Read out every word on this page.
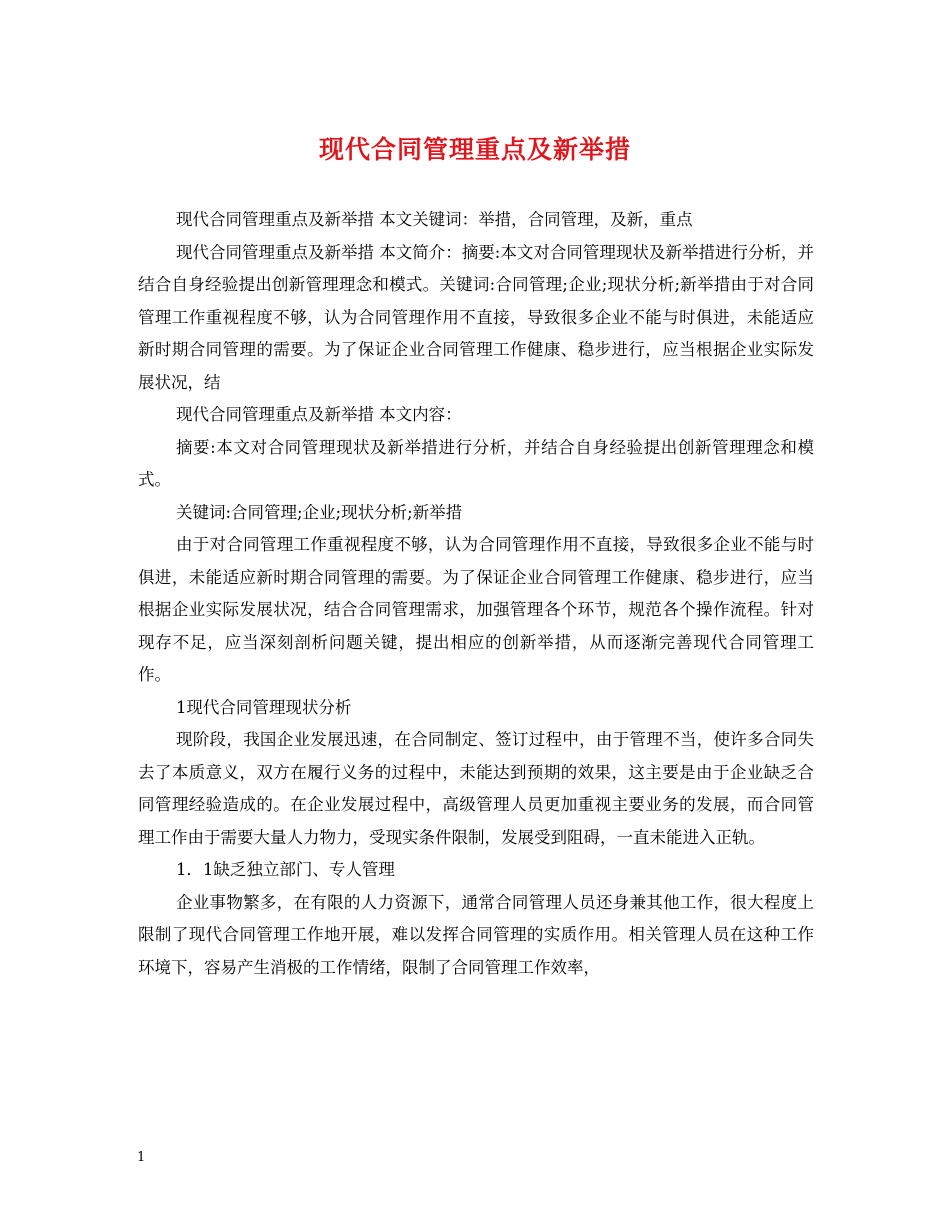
现代合同管理重点及新举措

现代合同管理重点及新举措 本文关键词：举措，合同管理，及新，重点

现代合同管理重点及新举措 本文简介：摘要:本文对合同管理现状及新举措进行分析，并结合自身经验提出创新管理理念和模式。关键词:合同管理;企业;现状分析;新举措由于对合同管理工作重视程度不够，认为合同管理作用不直接，导致很多企业不能与时俱进，未能适应新时期合同管理的需要。为了保证企业合同管理工作健康、稳步进行，应当根据企业实际发展状况，结

现代合同管理重点及新举措 本文内容：

摘要:本文对合同管理现状及新举措进行分析，并结合自身经验提出创新管理理念和模式。

关键词:合同管理;企业;现状分析;新举措

由于对合同管理工作重视程度不够，认为合同管理作用不直接，导致很多企业不能与时俱进，未能适应新时期合同管理的需要。为了保证企业合同管理工作健康、稳步进行，应当根据企业实际发展状况，结合合同管理需求，加强管理各个环节，规范各个操作流程。针对现存不足，应当深刻剖析问题关键，提出相应的创新举措，从而逐渐完善现代合同管理工作。

1现代合同管理现状分析

现阶段，我国企业发展迅速，在合同制定、签订过程中，由于管理不当，使许多合同失去了本质意义，双方在履行义务的过程中，未能达到预期的效果，这主要是由于企业缺乏合同管理经验造成的。在企业发展过程中，高级管理人员更加重视主要业务的发展，而合同管理工作由于需要大量人力物力，受现实条件限制，发展受到阻碍，一直未能进入正轨。

1．1缺乏独立部门、专人管理

企业事物繁多，在有限的人力资源下，通常合同管理人员还身兼其他工作，很大程度上限制了现代合同管理工作地开展，难以发挥合同管理的实质作用。相关管理人员在这种工作环境下，容易产生消极的工作情绪，限制了合同管理工作效率，

1
